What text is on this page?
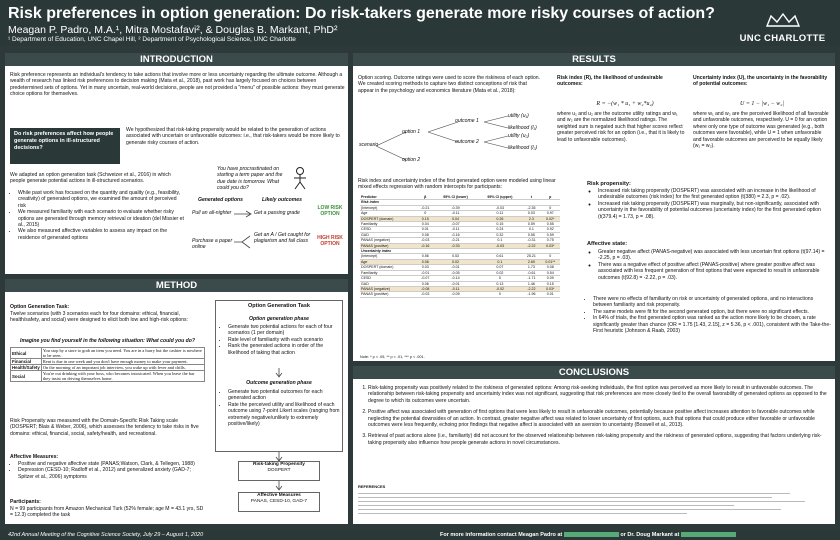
Risk preferences in option generation: Do risk-takers generate more risky courses of action?
Meagan P. Padro, M.A.¹, Mitra Mostafavi², & Douglas B. Markant, PhD²
¹ Department of Education, UNC Chapel Hill, ² Department of Psychological Science, UNC Charlotte	UNC CHARLOTTE
INTRODUCTION
Risk preference represents an individual's tendency to take actions that involve more or less uncertainty regarding the ultimate outcome. Although a wealth of research has linked risk preferences to decision making (Mata et al., 2018), past work has largely focused on choices between predetermined sets of options. Yet in many uncertain, real-world decisions, people are not provided a "menu" of possible actions: they must generate choice options for themselves.
Do risk preferences affect how people generate options in ill-structured decisions?
We hypothesized that risk-taking propensity would be related to the generation of actions associated with uncertain or unfavorable outcomes: i.e., that risk-takers would be more likely to generate risky courses of action.
We adapted an option generation task (Schweizer et al., 2016) in which people generate potential actions in ill-structured scenarios.
• While past work has focused on the quantity and quality (e.g., feasibility, creativity) of generated options, we examined the amount of perceived risk
• We measured familiarity with each scenario to evaluate whether risky options are generated through memory retrieval or ideation (del Missier et al., 2015)
• We also measured affective variables to assess any impact on the residence of generated options
You have procrastinated on starting a term paper and the due date is tomorrow. What could you do?
Generated options	Likely outcomes
Pull an all-nighter	Get a passing grade
LOW RISK OPTION
Purchase a paper online
Get an A / Get caught for plagiarism and fail class
HIGH RISK OPTION
METHOD
Option Generation Task:
Twelve scenarios (with 3 scenarios each for four domains: ethical, financial, health/safety, and social) were designed to elicit both low and high-risk options:
Imagine you find yourself in the following situation: What could you do?
Ethical	You stop by a store to grab an item you need. You are in a hurry but the cashier is nowhere to be seen.
Financial	Rent is due in one week and you don't have enough money to make your payment.
Health/Safety	On the morning of an important job interview, you wake up with fever and chills.
Social	You're out drinking with your boss, who becomes intoxicated. When you leave the bar they insist on driving themselves home.
Risk Propensity was measured with the Domain-Specific Risk Taking scale (DOSPERT; Blais & Weber, 2006), which assesses the tendency to take risks in five domains: ethical, financial, social, safety/health, and recreational.
Affective Measures:
• Positive and negative affective state (PANAS;Watson, Clark, & Tellegen, 1988)
• Depression (CESD-10; Radloff et al., 2012) and generalized anxiety (GAD-7; Spitzer et al., 2006) symptoms
Participants:
N = 99 participants from Amazon Mechanical Turk (52% female; age M = 43.1 yrs, SD = 12.3) completed the task
Option Generation Task
Option generation phase
• Generate two potential actions for each of four scenarios (1 per domain)
• Rate level of familiarity with each scenario
• Rank the generated actions in order of the likelihood of taking that action
Outcome generation phase
• Generate two potential outcomes for each generated action
• Rate the perceived utility and likelihood of each outcome using 7-point Likert scales (ranging from extremely negative/unlikely to extremely positive/likely)
Risk-taking Propensity
DOSPERT
Affective Measures
PANAS, CESD-10, GAD-7
RESULTS
Option scoring. Outcome ratings were used to score the riskiness of each option. We created scoring methods to capture two distinct conceptions of risk that appear in the psychology and economics literature (Mata et al., 2018):
scenario
option 1
option 2
outcome 1
outcome 2
utility (u₁)
likelihood (l₁)
utility (u₂)
likelihood (l₂)
Risk index (R), the likelihood of undesirable outcomes:
R = −(w₁ * u₁ + w₂*u₂)
where u₁ and u₂ are the outcome utility ratings and w₁ and w₂ are the normalized likelihood ratings. The weighted sum is negated such that higher scores reflect greater perceived risk for an option (i.e., that it is likely to lead to unfavorable outcomes).
Uncertainty index (U), the uncertainty in the favorability of potential outcomes:
U = 1 − |w₁ − w₂|
where w₁ and w₂ are the perceived likelihood of all favorable and unfavorable outcomes, respectively. U = 0 for an option where only one type of outcome was generated (e.g., both outcomes were favorable), while U = 1 when unfavorable and favorable outcomes are perceived to be equally likely (w₁ = w₂).
Risk index and uncertainty index of the first generated option were modeled using linear mixed effects regression with random intercepts for participants:
Predictor	β	95% CI (lower)	95% CI (upper)	t	p
Risk index					
(Intercept)	-0.21	-0.39	-0.03	-2.35	0
Age	0	-0.11	0.11	0.03	0.97
DOSPERT (domain)	0.15	0.04	0.26	2.3	0.02*
Familiarity	0.04	-0.07	0.15	0.59	0.55
CESD	0.01	-0.11	0.24	0.1	0.92
GAD	0.08	-0.16	0.32	0.55	0.59
PANAS (negative)	-0.03	-0.21	0.1	-0.31	0.75
PANAS (positive)	-0.16	-0.33	-0.03	-2.22	0.03*
Uncertainty index					
(Intercept)	0.56	0.53	0.61	25.21	0
Age	0.06	0.02	0.1	2.69	0.01**
DOSPERT (domain)	0.03	-0.01	0.07	1.73	0.08
Familiarity	-0.01	-0.05	0.02	-0.61	0.54
CESD	-0.07	-0.14	0	-1.71	0.09
GAD	0.06	-0.01	0.13	1.46	0.15
PANAS (negative)	-0.08	-0.11	-0.02	-2.22	0.03*
PANAS (positive)	-0.03	-0.09	0	-1.96	0.01
Note: * p < .05, ** p < .01, *** p < .001.
Risk propensity:
◦ Increased risk taking propensity (DOSPERT) was associated with an increase in the likelihood of undesirable outcomes (risk index) for the first generated option (t(380) = 2.3, p = .02).
◦ Increased risk taking propensity (DOSPERT) was marginally, but non-significantly, associated with uncertainty in the favorability of potential outcomes (uncertainty index) for the first generated option (t(379.4) = 1.73, p = .08).
Affective state:
◦ Greater negative affect (PANAS-negative) was associated with less uncertain first options (t(97.14) = -2.25, p = .03).
◦ There was a negative effect of positive affect (PANAS-positive) where greater positive affect was associated with less frequent generation of first options that were expected to result in unfavorable outcomes (t(92.8) = -2.22, p = .03).
• There were no effects of familiarity on risk or uncertainty of generated options, and no interactions between familiarity and risk propensity.
• The same models were fit for the second generated option, but there were no significant effects.
• In 64% of trials, the first generated option was ranked as the action more likely to be chosen, a rate significantly greater than chance (OR = 1.75 [1.43, 2.15], z = 5.36, p < .001), consistent with the Take-the-First heuristic (Johnson & Raab, 2003)
CONCLUSIONS
1. Risk-taking propensity was positively related to the riskiness of generated options: Among risk-seeking individuals, the first option was perceived as more likely to result in unfavorable outcomes. The relationship between risk-taking propensity and uncertainty index was not significant, suggesting that risk preferences are more closely tied to the overall favorability of generated options as opposed to the degree to which its outcomes were uncertain.
2. Positive affect was associated with generation of first options that were less likely to result in unfavorable outcomes, potentially because positive affect increases attention to favorable outcomes while neglecting the potential downsides of an action. In contrast, greater negative affect was related to lower uncertainty of first options, such that options that could produce either favorable or unfavorable outcomes were less frequently, echoing prior findings that negative affect is associated with an aversion to uncertainty (Boswell et al., 2013).
3. Retrieval of past actions alone (i.e., familiarity) did not account for the observed relationship between risk-taking propensity and the riskiness of generated options, suggesting that factors underlying risk-taking propensity also influence how people generate actions in novel circumstances.
REFERENCES
42nd Annual Meeting of the Cognitive Science Society, July 29 – August 1, 2020	For more information contact Meagan Padro at	or Dr. Doug Markant at
